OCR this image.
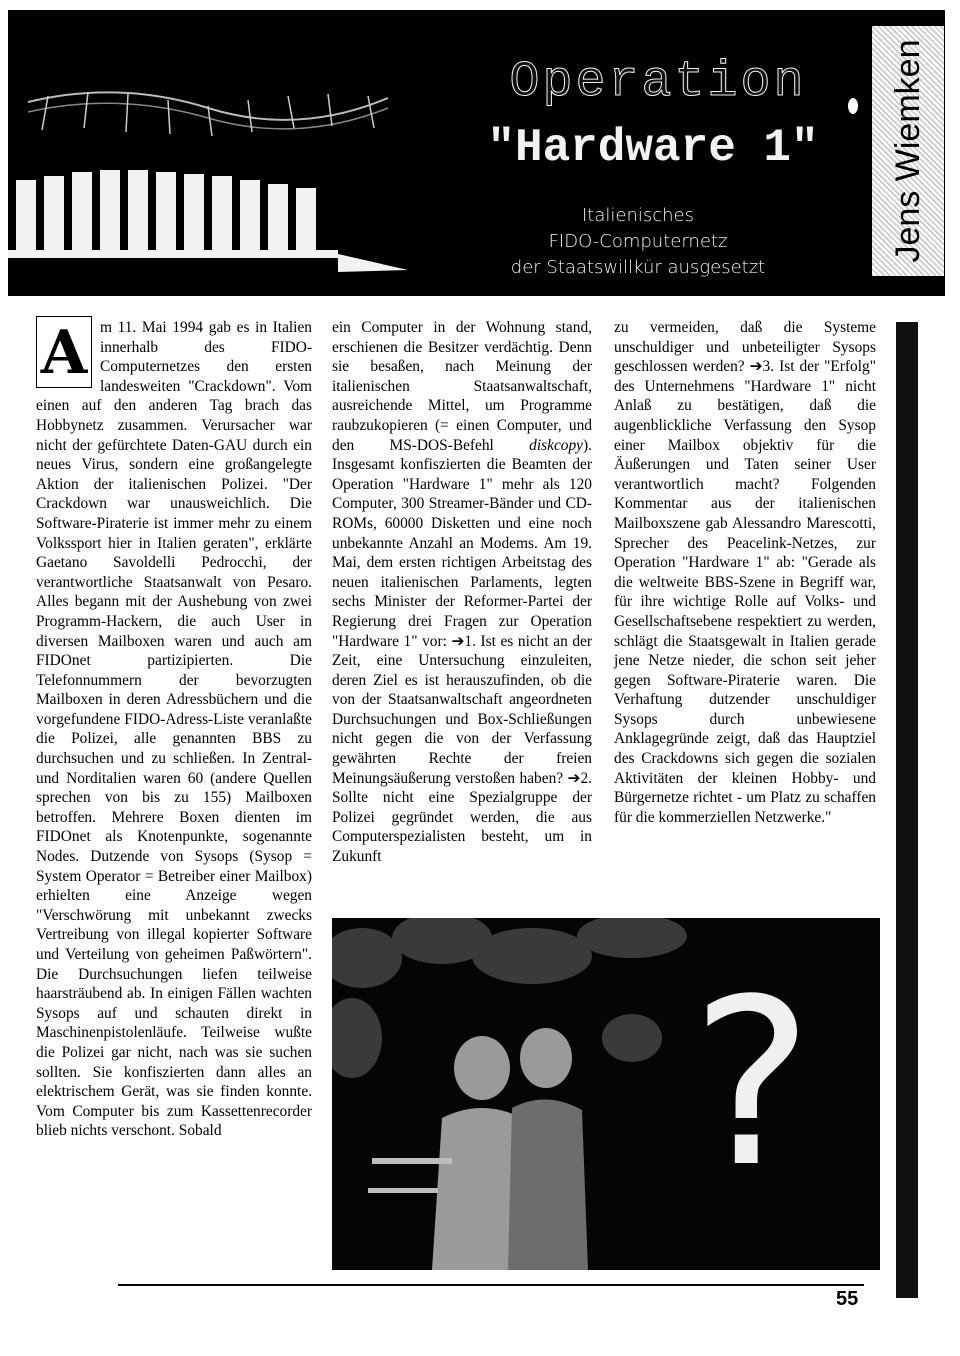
Operation
"Hardware 1"
Italienisches
FIDO-Computernetz
der Staatswillkür ausgesetzt
Jens Wiemken
A m 11. Mai 1994 gab es in Italien innerhalb des FIDO-Computernetzes den ersten landesweiten "Crackdown". Vom einen auf den anderen Tag brach das Hobbynetz zusammen. Verursacher war nicht der gefürchtete Daten-GAU durch ein neues Virus, sondern eine großangelegte Aktion der italienischen Polizei. "Der Crackdown war unausweichlich. Die Software-Piraterie ist immer mehr zu einem Volkssport hier in Italien geraten", erklärte Gaetano Savoldelli Pedrocchi, der verantwortliche Staatsanwalt von Pesaro. Alles begann mit der Aushebung von zwei Programm-Hackern, die auch User in diversen Mailboxen waren und auch am FIDOnet partizipierten. Die Telefonnummern der bevorzugten Mailboxen in deren Adressbüchern und die vorgefundene FIDO-Adress-Liste veranlaßte die Polizei, alle genannten BBS zu durchsuchen und zu schließen. In Zentral- und Norditalien waren 60 (andere Quellen sprechen von bis zu 155) Mailboxen betroffen. Mehrere Boxen dienten im FIDOnet als Knotenpunkte, sogenannte Nodes. Dutzende von Sysops (Sysop = System Operator = Betreiber einer Mailbox) erhielten eine Anzeige wegen "Verschwörung mit unbekannt zwecks Vertreibung von illegal kopierter Software und Verteilung von geheimen Paßwörtern". Die Durchsuchungen liefen teilweise haarsträubend ab. In einigen Fällen wachten Sysops auf und schauten direkt in Maschinenpistolenläufe. Teilweise wußte die Polizei gar nicht, nach was sie suchen sollten. Sie konfiszierten dann alles an elektrischem Gerät, was sie finden konnte. Vom Computer bis zum Kassettenrecorder blieb nichts verschont. Sobald
ein Computer in der Wohnung stand, erschienen die Besitzer verdächtig. Denn sie besaßen, nach Meinung der italienischen Staatsanwaltschaft, ausreichende Mittel, um Programme raubzukopieren (= einen Computer, und den MS-DOS-Befehl diskcopy). Insgesamt konfiszierten die Beamten der Operation "Hardware 1" mehr als 120 Computer, 300 Streamer-Bänder und CD-ROMs, 60000 Disketten und eine noch unbekannte Anzahl an Modems. Am 19. Mai, dem ersten richtigen Arbeitstag des neuen italienischen Parlaments, legten sechs Minister der Reformer-Partei der Regierung drei Fragen zur Operation "Hardware 1" vor: ➔1. Ist es nicht an der Zeit, eine Untersuchung einzuleiten, deren Ziel es ist herauszufinden, ob die von der Staatsanwaltschaft angeordneten Durchsuchungen und Box-Schließungen nicht gegen die von der Verfassung gewährten Rechte der freien Meinungsäußerung verstoßen haben? ➔2. Sollte nicht eine Spezialgruppe der Polizei gegründet werden, die aus Computerspezialisten besteht, um in Zukunft
zu vermeiden, daß die Systeme unschuldiger und unbeteiligter Sysops geschlossen werden? ➔3. Ist der "Erfolg" des Unternehmens "Hardware 1" nicht Anlaß zu bestätigen, daß die augenblickliche Verfassung den Sysop einer Mailbox objektiv für die Äußerungen und Taten seiner User verantwortlich macht? Folgenden Kommentar aus der italienischen Mailboxszene gab Alessandro Marescotti, Sprecher des Peacelink-Netzes, zur Operation "Hardware 1" ab: "Gerade als die weltweite BBS-Szene in Begriff war, für ihre wichtige Rolle auf Volks- und Gesellschaftsebene respektiert zu werden, schlägt die Staatsgewalt in Italien gerade jene Netze nieder, die schon seit jeher gegen Software-Piraterie waren. Die Verhaftung dutzender unschuldiger Sysops durch unbewiesene Anklagegründe zeigt, daß das Hauptziel des Crackdowns sich gegen die sozialen Aktivitäten der kleinen Hobby- und Bürgernetze richtet - um Platz zu schaffen für die kommerziellen Netzwerke."
?
55
